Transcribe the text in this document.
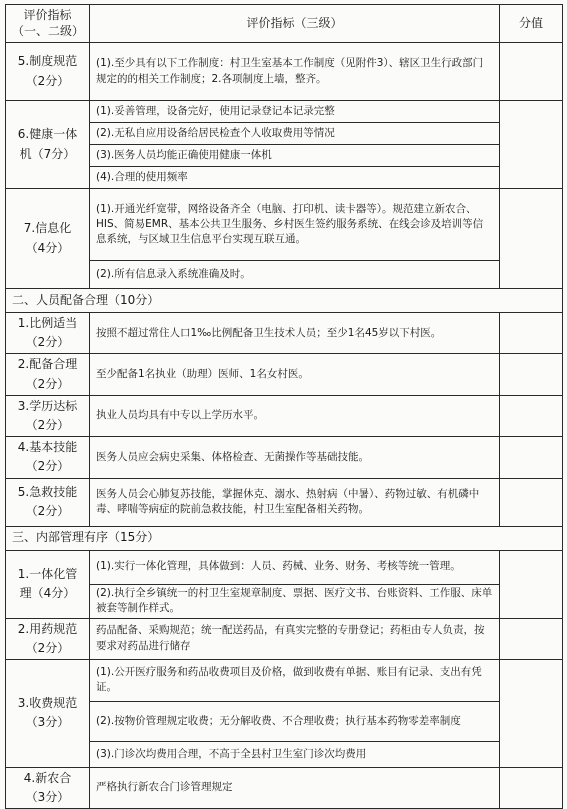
评价指标
（一、二级）	评价指标（三级）	分值
5.制度规范
（2分）	(1).至少具有以下工作制度：村卫生室基本工作制度（见附件3）、辖区卫生行政部门规定的的相关工作制度；2.各项制度上墙，整齐。	
6.健康一体
机（7分）	(1).妥善管理，设备完好，使用记录登记本记录完整	
	(2).无私自应用设备给居民检查个人收取费用等情况	
	(3).医务人员均能正确使用健康一体机	
	(4).合理的使用频率	
7.信息化
（4分）	(1).开通光纤宽带，网络设备齐全（电脑、打印机、读卡器等）。规范建立新农合、HIS、简易EMR、基本公共卫生服务、乡村医生签约服务系统、在线会诊及培训等信息系统，与区域卫生信息平台实现互联互通。	
	(2).所有信息录入系统准确及时。	
二、人员配备合理（10分）		
1.比例适当
（2分）	按照不超过常住人口1‰比例配备卫生技术人员；至少1名45岁以下村医。	
2.配备合理
（2分）	至少配备1名执业（助理）医师、1名女村医。	
3.学历达标
（2分）	执业人员均具有中专以上学历水平。	
4.基本技能
（2分）	医务人员应会病史采集、体格检查、无菌操作等基础技能。	
5.急救技能
（2分）	医务人员会心肺复苏技能，掌握休克、溺水、热射病（中暑）、药物过敏、有机磷中毒、哮喘等病症的院前急救技能，村卫生室配备相关药物。	
三、内部管理有序（15分）		
1.一体化管
理（4分）	(1).实行一体化管理，具体做到：人员、药械、业务、财务、考核等统一管理。	
	(2).执行全乡镇统一的村卫生室规章制度、票据、医疗文书、台账资料、工作服、床单被套等制作样式。	
2.用药规范
（2分）	药品配备、采购规范；统一配送药品，有真实完整的专册登记；药柜由专人负责，按要求对药品进行储存	
3.收费规范
（3分）	(1).公开医疗服务和药品收费项目及价格，做到收费有单据、账目有记录、支出有凭证。	
	(2).按物价管理规定收费；无分解收费、不合理收费；执行基本药物零差率制度	
	(3).门诊次均费用合理，不高于全县村卫生室门诊次均费用	
4.新农合
（3分）	严格执行新农合门诊管理规定	
